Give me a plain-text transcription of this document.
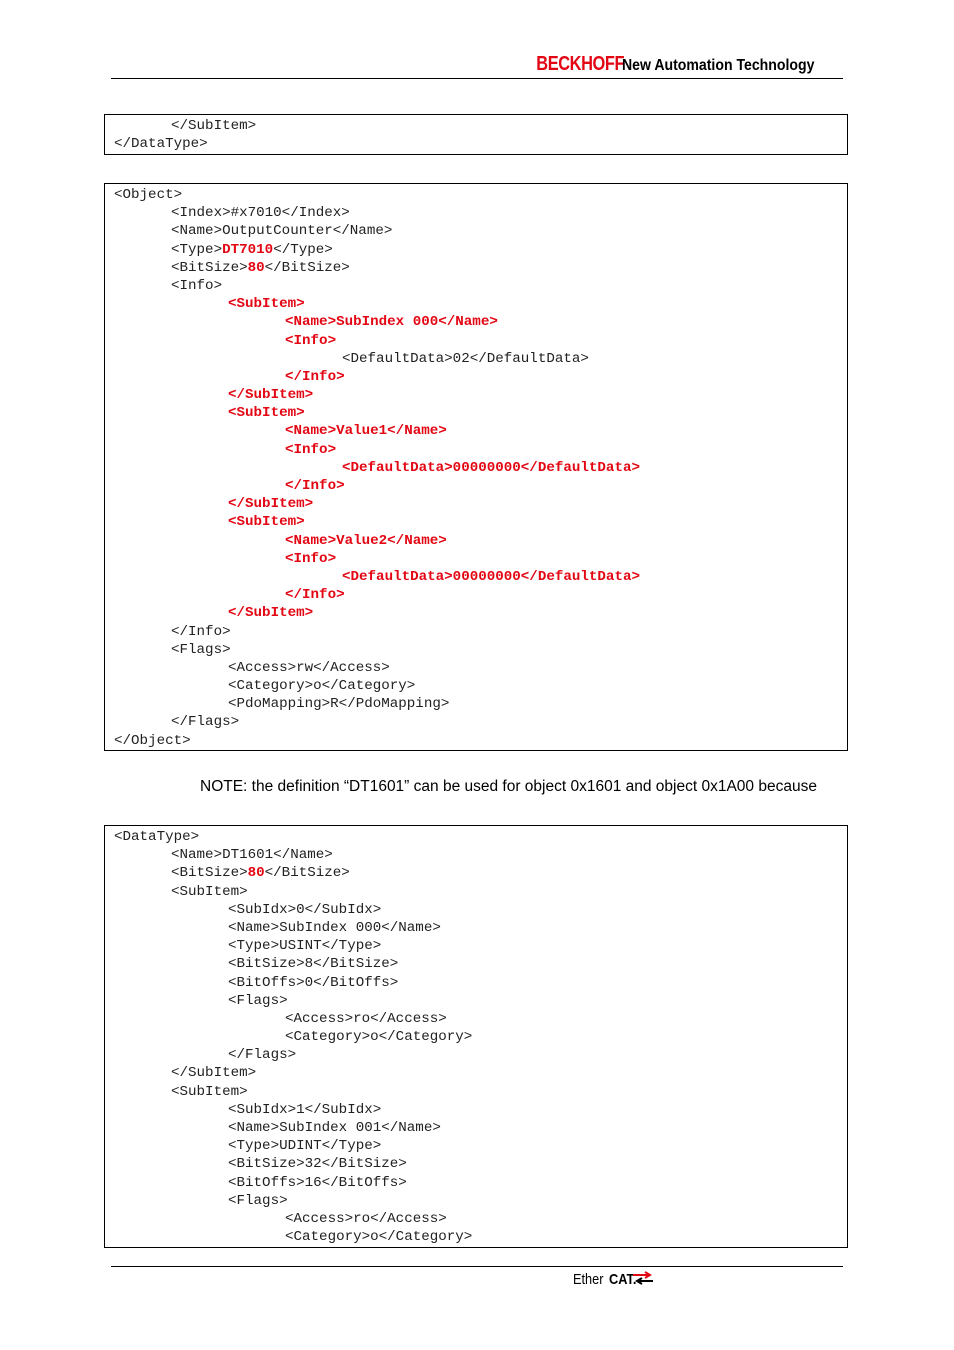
BECKHOFF New Automation Technology
</SubItem>
</DataType>
<Object>
<Index>#x7010</Index>
<Name>OutputCounter</Name>
<Type>DT7010</Type>
<BitSize>80</BitSize>
<Info>
<SubItem>
<Name>SubIndex 000</Name>
<Info>
<DefaultData>02</DefaultData>
</Info>
</SubItem>
<SubItem>
<Name>Value1</Name>
<Info>
<DefaultData>00000000</DefaultData>
</Info>
</SubItem>
<SubItem>
<Name>Value2</Name>
<Info>
<DefaultData>00000000</DefaultData>
</Info>
</SubItem>
</Info>
<Flags>
<Access>rw</Access>
<Category>o</Category>
<PdoMapping>R</PdoMapping>
</Flags>
</Object>
NOTE: the definition “DT1601” can be used for object 0x1601 and object 0x1A00 because
<DataType>
<Name>DT1601</Name>
<BitSize>80</BitSize>
<SubItem>
<SubIdx>0</SubIdx>
<Name>SubIndex 000</Name>
<Type>USINT</Type>
<BitSize>8</BitSize>
<BitOffs>0</BitOffs>
<Flags>
<Access>ro</Access>
<Category>o</Category>
</Flags>
</SubItem>
<SubItem>
<SubIdx>1</SubIdx>
<Name>SubIndex 001</Name>
<Type>UDINT</Type>
<BitSize>32</BitSize>
<BitOffs>16</BitOffs>
<Flags>
<Access>ro</Access>
<Category>o</Category>
Ether CAT.
